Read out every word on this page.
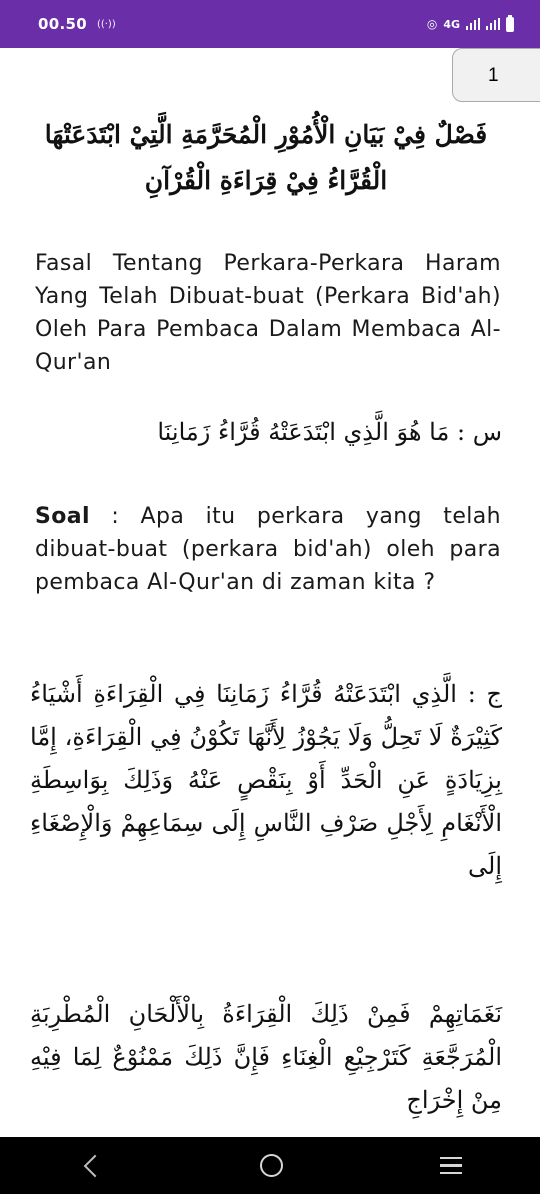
00.50 ((·))	◎ 4G
1
فَصْلٌ فِيْ بَيَانِ الْأُمُوْرِ الْمُحَرَّمَةِ الَّتِيْ ابْتَدَعَتْهَا الْقُرَّاءُ فِيْ قِرَاءَةِ الْقُرْآنِ
Fasal Tentang Perkara-Perkara Haram Yang Telah Dibuat-buat (Perkara Bid'ah) Oleh Para Pembaca Dalam Membaca Al-Qur'an
س : مَا هُوَ الَّذِي ابْتَدَعَتْهُ قُرَّاءُ زَمَانِنَا
Soal : Apa itu perkara yang telah dibuat-buat (perkara bid'ah) oleh para pembaca Al-Qur'an di zaman kita ?
ج : الَّذِي ابْتَدَعَتْهُ قُرَّاءُ زَمَانِنَا فِي الْقِرَاءَةِ أَشْيَاءُ كَثِيْرَةٌ لَا تَحِلُّ وَلَا يَجُوْزُ لِأَنَّهَا تَكُوْنُ فِي الْقِرَاءَةِ، إِمَّا بِزِيَادَةٍ عَنِ الْحَدِّ أَوْ بِنَقْصٍ عَنْهُ وَذَلِكَ بِوَاسِطَةِ الْأَنْغَامِ لِأَجْلِ صَرْفِ النَّاسِ إِلَى سِمَاعِهِمْ وَالْإِصْغَاءِ إِلَى
نَغَمَاتِهِمْ فَمِنْ ذَلِكَ الْقِرَاءَةُ بِالْأَلْحَانِ الْمُطْرِبَةِ الْمُرَجَّعَةِ كَتَرْجِيْعِ الْغِنَاءِ فَإِنَّ ذَلِكَ مَمْنُوْعٌ لِمَا فِيْهِ مِنْ إِخْرَاجِ
